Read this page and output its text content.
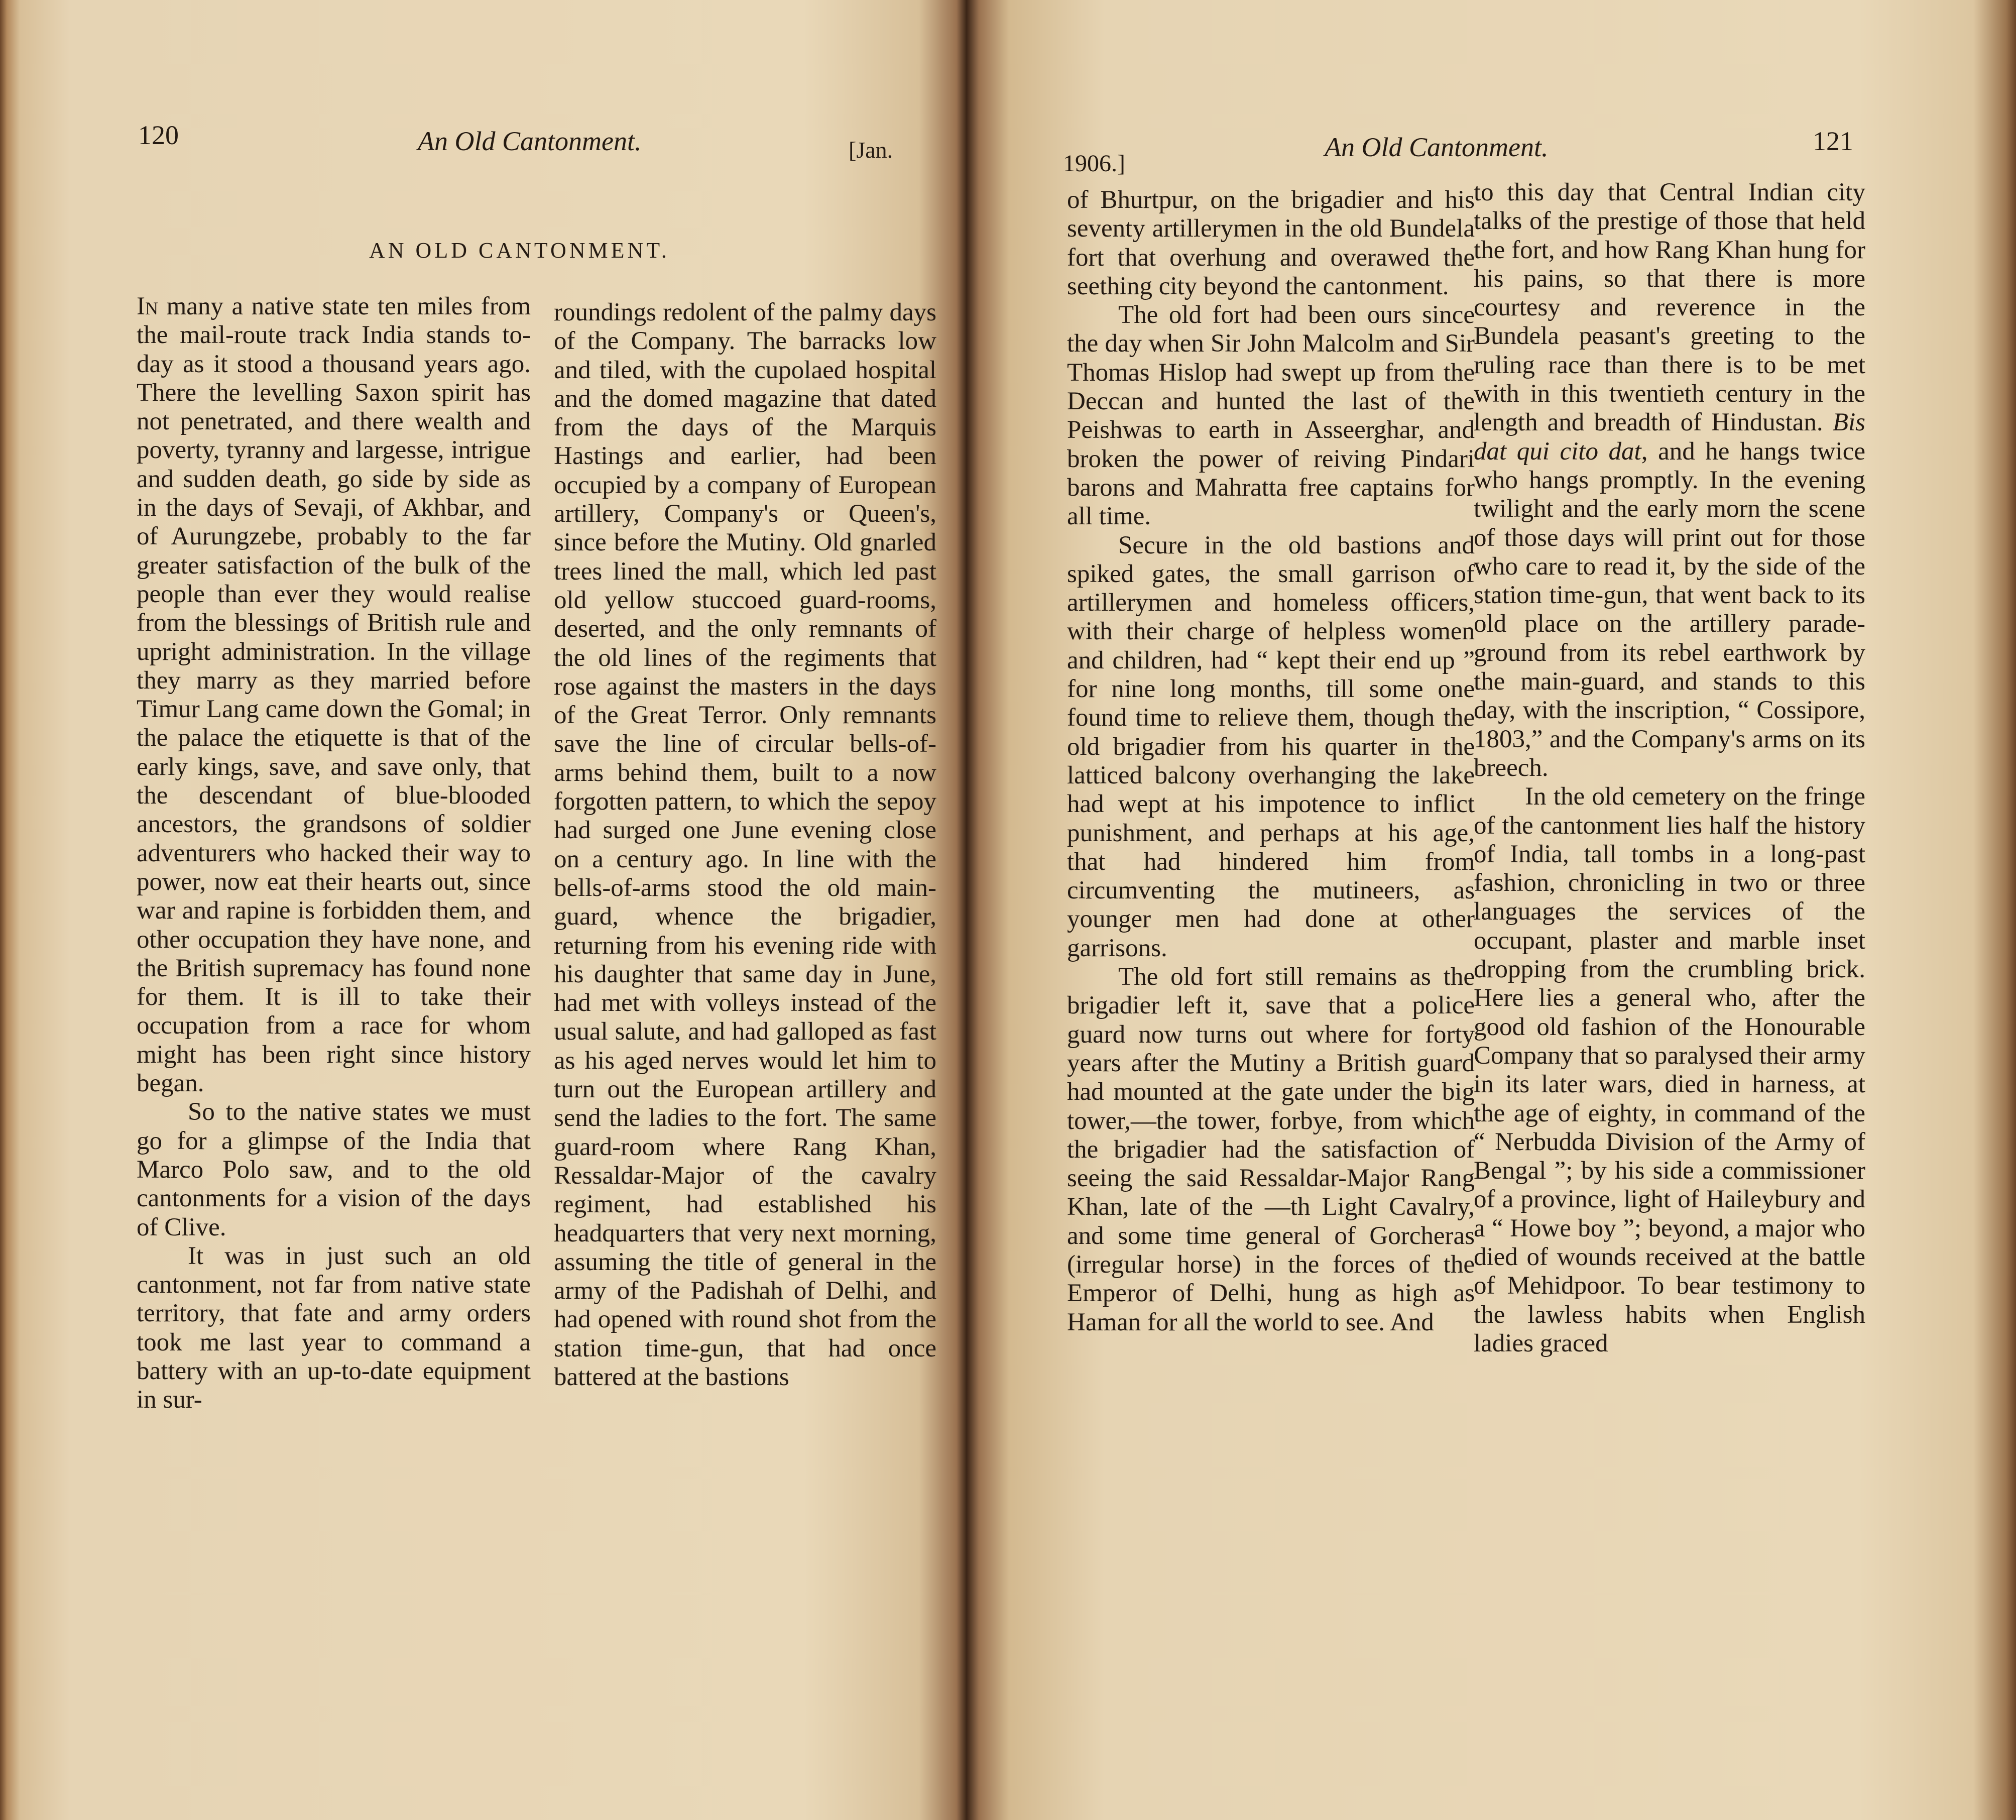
120	An Old Cantonment.	[Jan.
AN OLD CANTONMENT.

In many a native state ten miles from the mail-route track India stands to-day as it stood a thousand years ago. There the levelling Saxon spirit has not penetrated, and there wealth and poverty, tyranny and largesse, intrigue and sudden death, go side by side as in the days of Sevaji, of Akhbar, and of Aurungzebe, probably to the far greater satisfaction of the bulk of the people than ever they would realise from the blessings of British rule and upright administration. In the village they marry as they married before Timur Lang came down the Gomal; in the palace the etiquette is that of the early kings, save, and save only, that the descendant of blue-blooded ancestors, the grandsons of soldier adventurers who hacked their way to power, now eat their hearts out, since war and rapine is forbidden them, and other occupation they have none, and the British supremacy has found none for them. It is ill to take their occupation from a race for whom might has been right since history began.

So to the native states we must go for a glimpse of the India that Marco Polo saw, and to the old cantonments for a vision of the days of Clive.

It was in just such an old cantonment, not far from native state territory, that fate and army orders took me last year to command a battery with an up-to-date equipment in sur-

roundings redolent of the palmy days of the Company. The barracks low and tiled, with the cupolaed hospital and the domed magazine that dated from the days of the Marquis Hastings and earlier, had been occupied by a company of European artillery, Company's or Queen's, since before the Mutiny. Old gnarled trees lined the mall, which led past old yellow stuccoed guard-rooms, deserted, and the only remnants of the old lines of the regiments that rose against the masters in the days of the Great Terror. Only remnants save the line of circular bells-of-arms behind them, built to a now forgotten pattern, to which the sepoy had surged one June evening close on a century ago. In line with the bells-of-arms stood the old main-guard, whence the brigadier, returning from his evening ride with his daughter that same day in June, had met with volleys instead of the usual salute, and had galloped as fast as his aged nerves would let him to turn out the European artillery and send the ladies to the fort. The same guard-room where Rang Khan, Ressaldar-Major of the cavalry regiment, had established his headquarters that very next morning, assuming the title of general in the army of the Padishah of Delhi, and had opened with round shot from the station time-gun, that had once battered at the bastions

1906.]
An Old Cantonment.	121

of Bhurtpur, on the brigadier and his seventy artillerymen in the old Bundela fort that overhung and overawed the seething city beyond the cantonment.

The old fort had been ours since the day when Sir John Malcolm and Sir Thomas Hislop had swept up from the Deccan and hunted the last of the Peishwas to earth in Asseerghar, and broken the power of reiving Pindari barons and Mahratta free captains for all time.

Secure in the old bastions and spiked gates, the small garrison of artillerymen and homeless officers, with their charge of helpless women and children, had “ kept their end up ” for nine long months, till some one found time to relieve them, though the old brigadier from his quarter in the latticed balcony overhanging the lake had wept at his impotence to inflict punishment, and perhaps at his age, that had hindered him from circumventing the mutineers, as younger men had done at other garrisons.

The old fort still remains as the brigadier left it, save that a police guard now turns out where for forty years after the Mutiny a British guard had mounted at the gate under the big tower,—the tower, forbye, from which the brigadier had the satisfaction of seeing the said Ressaldar-Major Rang Khan, late of the —th Light Cavalry, and some time general of Gorcheras (irregular horse) in the forces of the Emperor of Delhi, hung as high as Haman for all the world to see. And

to this day that Central Indian city talks of the prestige of those that held the fort, and how Rang Khan hung for his pains, so that there is more courtesy and reverence in the Bundela peasant's greeting to the ruling race than there is to be met with in this twentieth century in the length and breadth of Hindustan. Bis dat qui cito dat, and he hangs twice who hangs promptly. In the evening twilight and the early morn the scene of those days will print out for those who care to read it, by the side of the station time-gun, that went back to its old place on the artillery parade-ground from its rebel earthwork by the main-guard, and stands to this day, with the inscription, “ Cossipore, 1803,” and the Company's arms on its breech.

In the old cemetery on the fringe of the cantonment lies half the history of India, tall tombs in a long-past fashion, chronicling in two or three languages the services of the occupant, plaster and marble inset dropping from the crumbling brick. Here lies a general who, after the good old fashion of the Honourable Company that so paralysed their army in its later wars, died in harness, at the age of eighty, in command of the “ Nerbudda Division of the Army of Bengal ”; by his side a commissioner of a province, light of Haileybury and a “ Howe boy ”; beyond, a major who died of wounds received at the battle of Mehidpoor. To bear testimony to the lawless habits when English ladies graced
